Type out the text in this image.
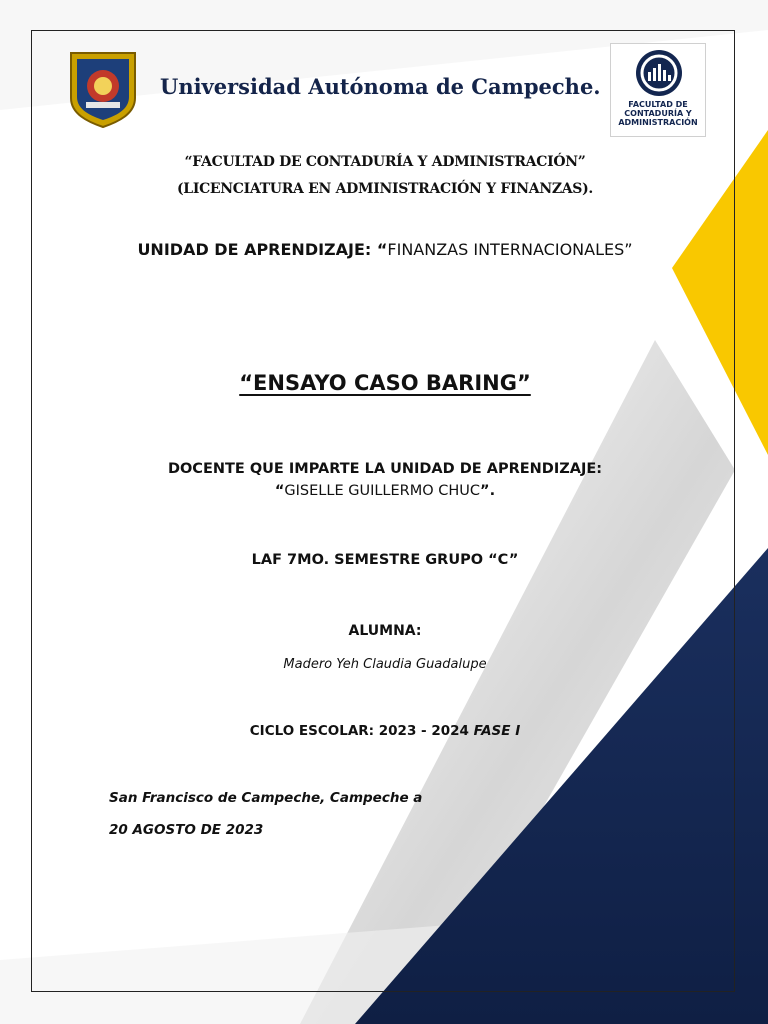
Universidad Autónoma de Campeche.
FACULTAD DE
CONTADURÍA Y
ADMINISTRACIÓN
“FACULTAD DE CONTADURÍA Y ADMINISTRACIÓN”
(LICENCIATURA EN ADMINISTRACIÓN Y FINANZAS).
UNIDAD DE APRENDIZAJE: “FINANZAS INTERNACIONALES”
“ENSAYO CASO BARING”
DOCENTE QUE IMPARTE LA UNIDAD DE APRENDIZAJE:
“GISELLE GUILLERMO CHUC”.
LAF 7MO. SEMESTRE GRUPO “C”
ALUMNA:
Madero Yeh Claudia Guadalupe
CICLO ESCOLAR: 2023 - 2024 FASE I
San Francisco de Campeche, Campeche a
20 AGOSTO DE 2023
